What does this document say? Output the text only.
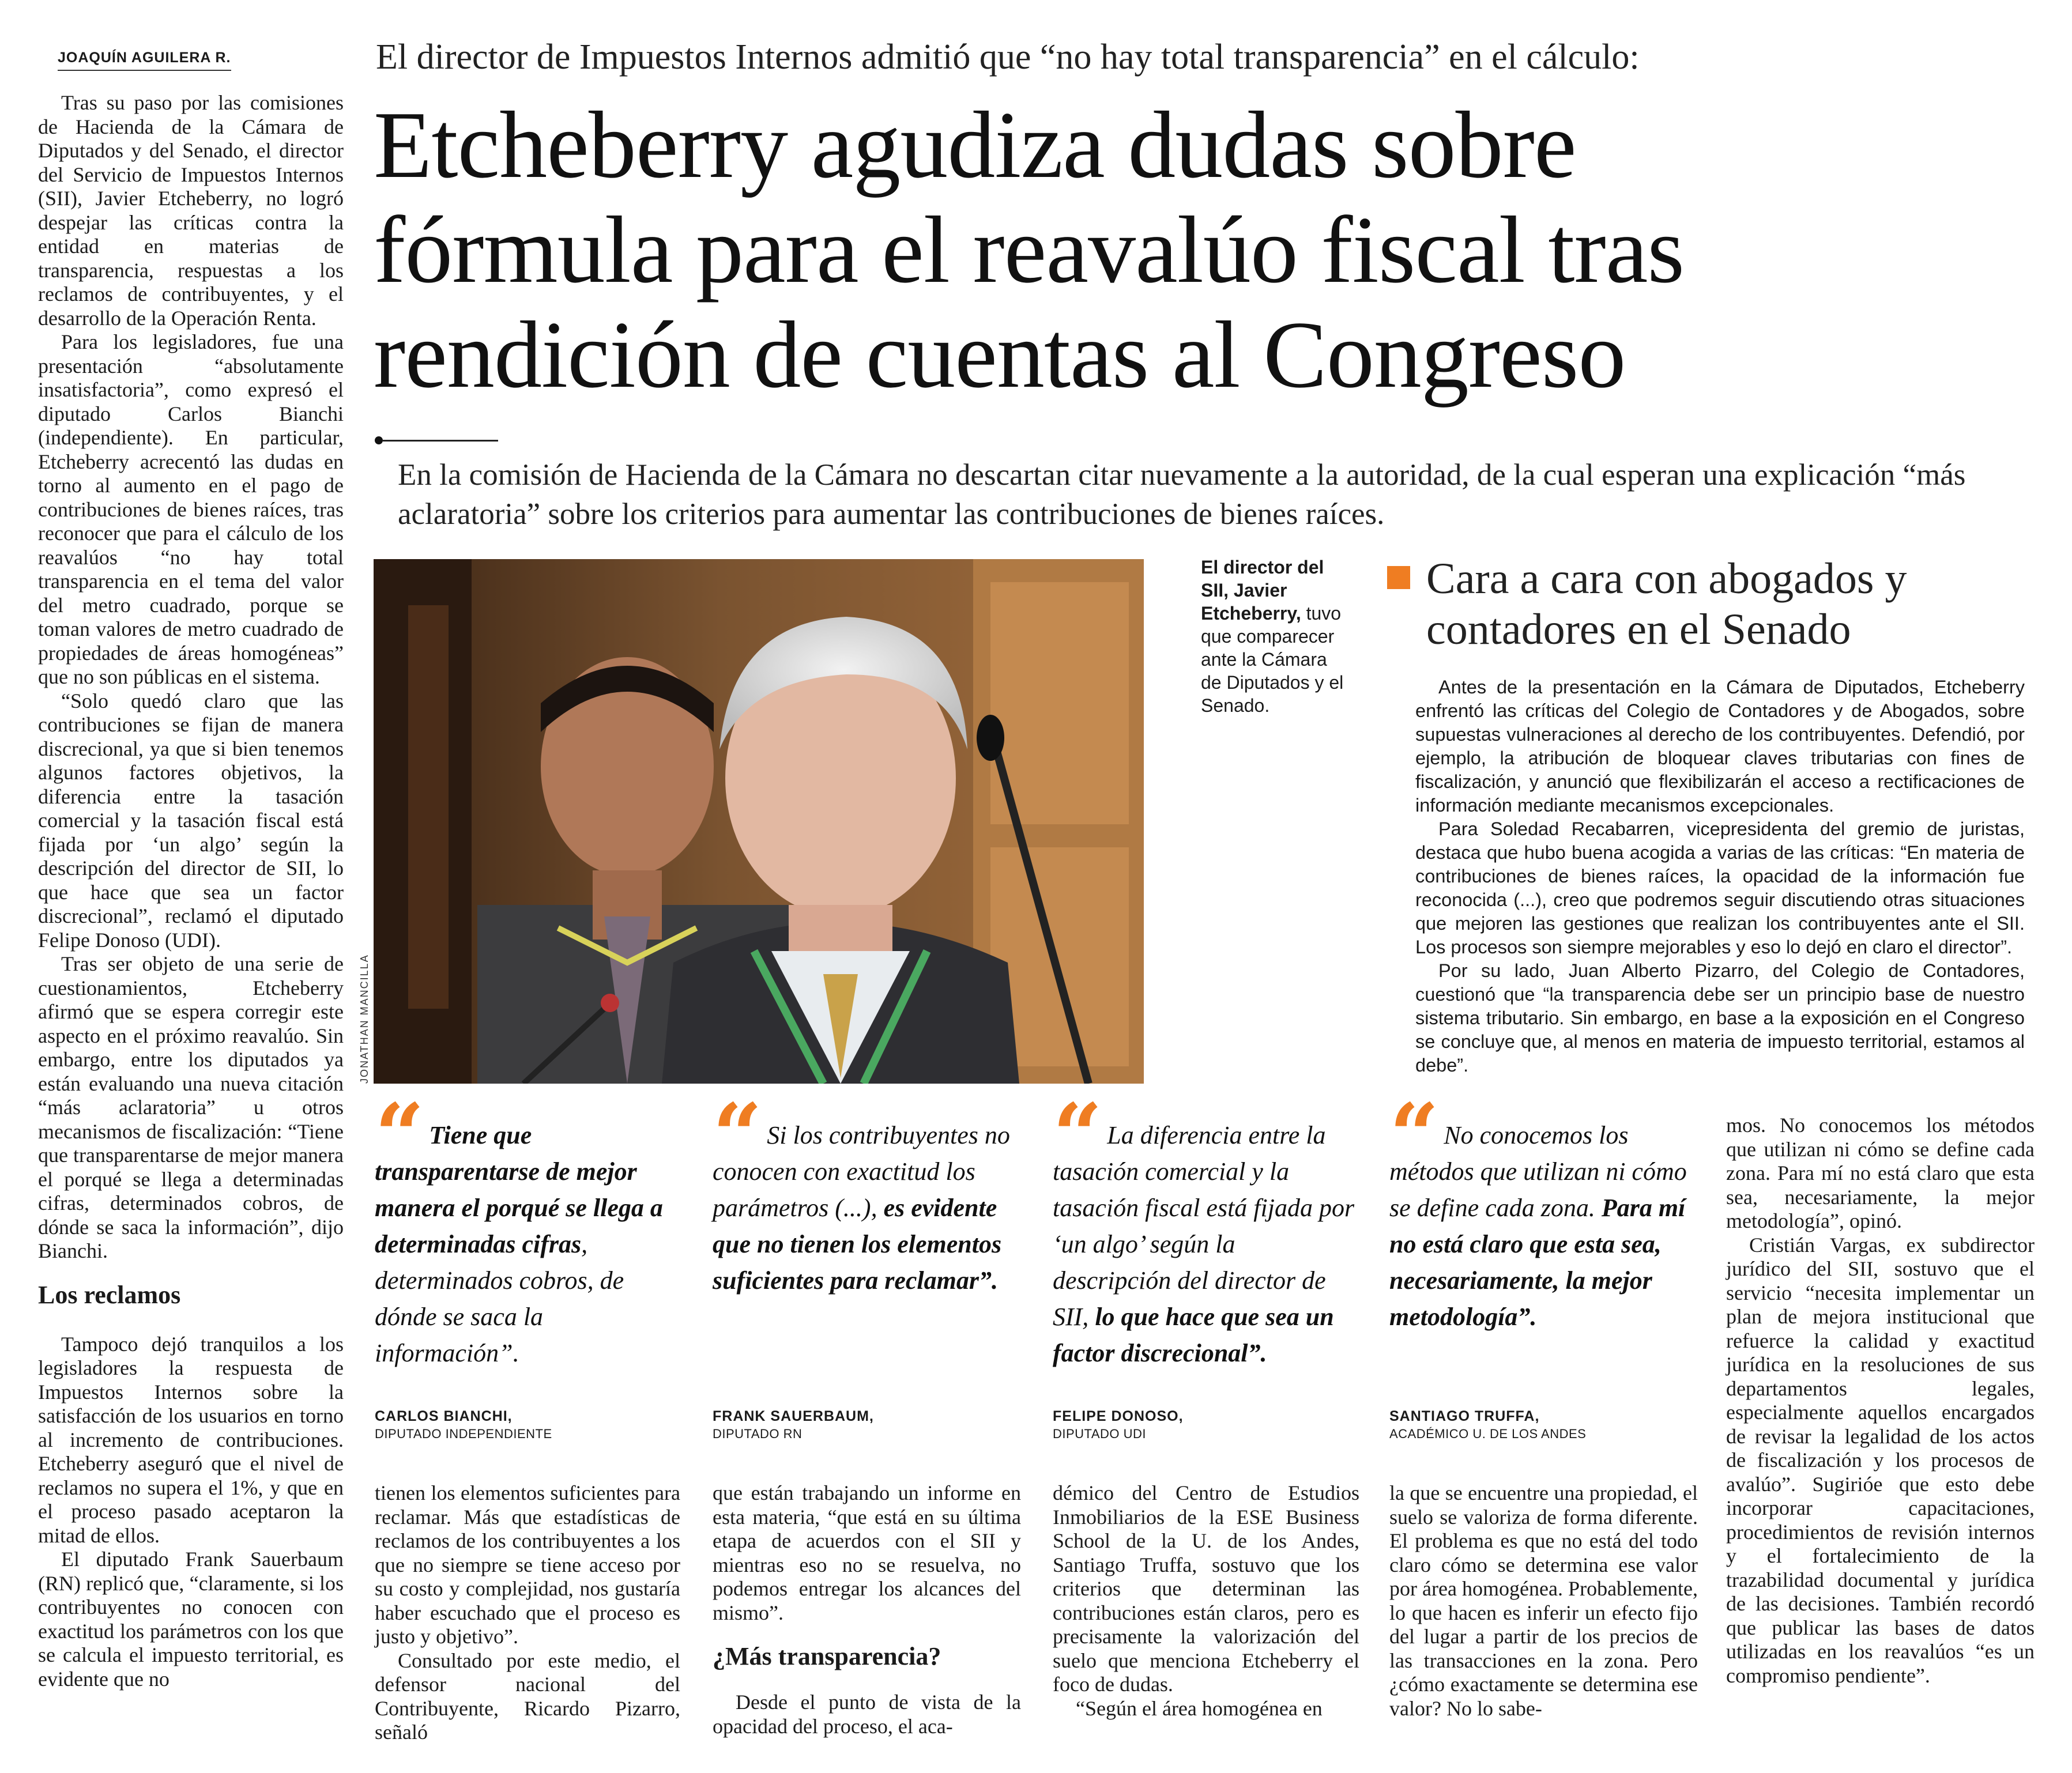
JOAQUÍN AGUILERA R.

Tras su paso por las comisiones de Hacienda de la Cámara de Diputados y del Senado, el director del Servicio de Impuestos Internos (SII), Javier Etcheberry, no logró despejar las críticas contra la entidad en materias de transparencia, respuestas a los reclamos de contribuyentes, y el desarrollo de la Operación Renta.

Para los legisladores, fue una presentación “absolutamente insatisfactoria”, como expresó el diputado Carlos Bianchi (independiente). En particular, Etcheberry acrecentó las dudas en torno al aumento en el pago de contribuciones de bienes raíces, tras reconocer que para el cálculo de los reavalúos “no hay total transparencia en el tema del valor del metro cuadrado, porque se toman valores de metro cuadrado de propiedades de áreas homogéneas” que no son públicas en el sistema.

“Solo quedó claro que las contribuciones se fijan de manera discrecional, ya que si bien tenemos algunos factores objetivos, la diferencia entre la tasación comercial y la tasación fiscal está fijada por ‘un algo’ según la descripción del director de SII, lo que hace que sea un factor discrecional”, reclamó el diputado Felipe Donoso (UDI).

Tras ser objeto de una serie de cuestionamientos, Etcheberry afirmó que se espera corregir este aspecto en el próximo reavalúo. Sin embargo, entre los diputados ya están evaluando una nueva citación “más aclaratoria” u otros mecanismos de fiscalización: “Tiene que transparentarse de mejor manera el porqué se llega a determinadas cifras, determinados cobros, de dónde se saca la información”, dijo Bianchi.

Los reclamos

Tampoco dejó tranquilos a los legisladores la respuesta de Impuestos Internos sobre la satisfacción de los usuarios en torno al incremento de contribuciones. Etcheberry aseguró que el nivel de reclamos no supera el 1%, y que en el proceso pasado aceptaron la mitad de ellos.

El diputado Frank Sauerbaum (RN) replicó que, “claramente, si los contribuyentes no conocen con exactitud los parámetros con los que se calcula el impuesto territorial, es evidente que no

El director de Impuestos Internos admitió que “no hay total transparencia” en el cálculo:
Etcheberry agudiza dudas sobre
fórmula para el reavalúo fiscal tras
rendición de cuentas al Congreso
En la comisión de Hacienda de la Cámara no descartan citar nuevamente a la autoridad, de la cual esperan una explicación “más aclaratoria” sobre los criterios para aumentar las contribuciones de bienes raíces.
JONATHAN MANCILLA
El director del SII, Javier Etcheberry, tuvo que comparecer ante la Cámara de Diputados y el Senado.
Cara a cara con abogados y contadores en el Senado

Antes de la presentación en la Cámara de Diputados, Etcheberry enfrentó las críticas del Colegio de Contadores y de Abogados, sobre supuestas vulneraciones al derecho de los contribuyentes. Defendió, por ejemplo, la atribución de bloquear claves tributarias con fines de fiscalización, y anunció que flexibilizarán el acceso a rectificaciones de información mediante mecanismos excepcionales.

Para Soledad Recabarren, vicepresidenta del gremio de juristas, destaca que hubo buena acogida a varias de las críticas: “En materia de contribuciones de bienes raíces, la opacidad de la información fue reconocida (...), creo que podremos seguir discutiendo otras situaciones que mejoren las gestiones que realizan los contribuyentes ante el SII. Los procesos son siempre mejorables y eso lo dejó en claro el director”.

Por su lado, Juan Alberto Pizarro, del Colegio de Contadores, cuestionó que “la transparencia debe ser un principio base de nuestro sistema tributario. Sin embargo, en base a la exposición en el Congreso se concluye que, al menos en materia de impuesto territorial, estamos al debe”.

“ Tiene que transparentarse de mejor manera el porqué se llega a determinadas cifras, determinados cobros, de dónde se saca la información”.
CARLOS BIANCHI,
DIPUTADO INDEPENDIENTE
“ Si los contribuyentes no conocen con exactitud los parámetros (...), es evidente que no tienen los elementos suficientes para reclamar”.
FRANK SAUERBAUM,
DIPUTADO RN
“ La diferencia entre la tasación comercial y la tasación fiscal está fijada por ‘un algo’ según la descripción del director de SII, lo que hace que sea un factor discrecional”.
FELIPE DONOSO,
DIPUTADO UDI
“ No conocemos los métodos que utilizan ni cómo se define cada zona. Para mí no está claro que esta sea, necesariamente, la mejor metodología”.
SANTIAGO TRUFFA,
ACADÉMICO U. DE LOS ANDES

tienen los elementos suficientes para reclamar. Más que estadísticas de reclamos de los contribuyentes a los que no siempre se tiene acceso por su costo y complejidad, nos gustaría haber escuchado que el proceso es justo y objetivo”.

Consultado por este medio, el defensor nacional del Contribuyente, Ricardo Pizarro, señaló

que están trabajando un informe en esta materia, “que está en su última etapa de acuerdos con el SII y mientras eso no se resuelva, no podemos entregar los alcances del mismo”.

¿Más transparencia?

Desde el punto de vista de la opacidad del proceso, el aca-

démico del Centro de Estudios Inmobiliarios de la ESE Business School de la U. de los Andes, Santiago Truffa, sostuvo que los criterios que determinan las contribuciones están claros, pero es precisamente la valorización del suelo que menciona Etcheberry el foco de dudas.

“Según el área homogénea en

la que se encuentre una propiedad, el suelo se valoriza de forma diferente. El problema es que no está del todo claro cómo se determina ese valor por área homogénea. Probablemente, lo que hacen es inferir un efecto fijo del lugar a partir de los precios de las transacciones en la zona. Pero ¿cómo exactamente se determina ese valor? No lo sabe-

mos. No conocemos los métodos que utilizan ni cómo se define cada zona. Para mí no está claro que esta sea, necesariamente, la mejor metodología”, opinó.

Cristián Vargas, ex subdirector jurídico del SII, sostuvo que el servicio “necesita implementar un plan de mejora institucional que refuerce la calidad y exactitud jurídica en la resoluciones de sus departamentos legales, especialmente aquellos encargados de revisar la legalidad de los actos de fiscalización y los procesos de avalúo”. Sugirióe que esto debe incorporar capacitaciones, procedimientos de revisión internos y el fortalecimiento de la trazabilidad documental y jurídica de las decisiones. También recordó que publicar las bases de datos utilizadas en los reavalúos “es un compromiso pendiente”.
